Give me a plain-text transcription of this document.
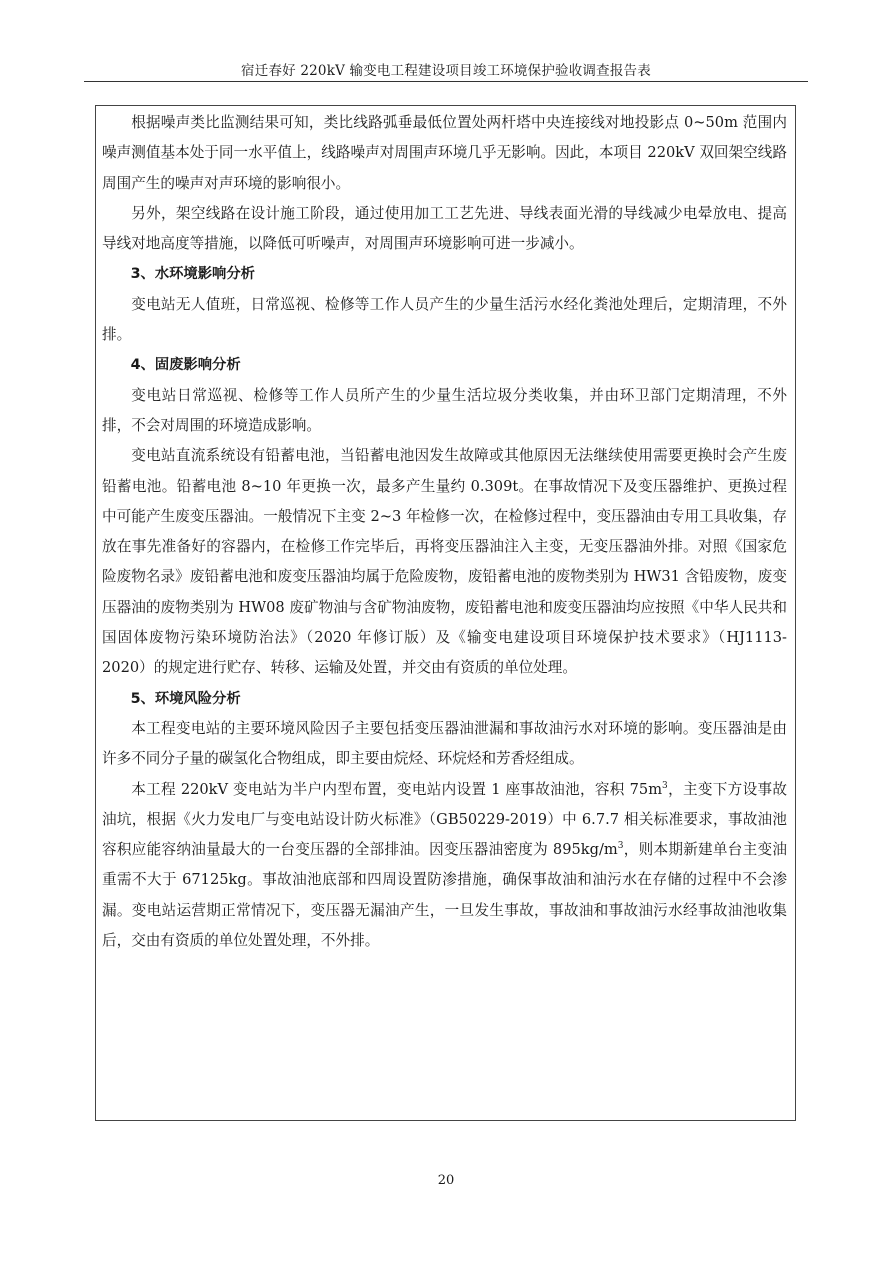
宿迁春好 220kV 输变电工程建设项目竣工环境保护验收调查报告表

根据噪声类比监测结果可知，类比线路弧垂最低位置处两杆塔中央连接线对地投影点 0~50m 范围内噪声测值基本处于同一水平值上，线路噪声对周围声环境几乎无影响。因此，本项目 220kV 双回架空线路周围产生的噪声对声环境的影响很小。

另外，架空线路在设计施工阶段，通过使用加工工艺先进、导线表面光滑的导线减少电晕放电、提高导线对地高度等措施，以降低可听噪声，对周围声环境影响可进一步减小。

3、水环境影响分析

变电站无人值班，日常巡视、检修等工作人员产生的少量生活污水经化粪池处理后，定期清理，不外排。

4、固废影响分析

变电站日常巡视、检修等工作人员所产生的少量生活垃圾分类收集，并由环卫部门定期清理，不外排，不会对周围的环境造成影响。

变电站直流系统设有铅蓄电池，当铅蓄电池因发生故障或其他原因无法继续使用需要更换时会产生废铅蓄电池。铅蓄电池 8~10 年更换一次，最多产生量约 0.309t。在事故情况下及变压器维护、更换过程中可能产生废变压器油。一般情况下主变 2~3 年检修一次，在检修过程中，变压器油由专用工具收集，存放在事先准备好的容器内，在检修工作完毕后，再将变压器油注入主变，无变压器油外排。对照《国家危险废物名录》废铅蓄电池和废变压器油均属于危险废物，废铅蓄电池的废物类别为 HW31 含铅废物，废变压器油的废物类别为 HW08 废矿物油与含矿物油废物，废铅蓄电池和废变压器油均应按照《中华人民共和国固体废物污染环境防治法》（2020 年修订版）及《输变电建设项目环境保护技术要求》（HJ1113-2020）的规定进行贮存、转移、运输及处置，并交由有资质的单位处理。

5、环境风险分析

本工程变电站的主要环境风险因子主要包括变压器油泄漏和事故油污水对环境的影响。变压器油是由许多不同分子量的碳氢化合物组成，即主要由烷烃、环烷烃和芳香烃组成。

本工程 220kV 变电站为半户内型布置，变电站内设置 1 座事故油池，容积 $75m^3$，主变下方设事故油坑，根据《火力发电厂与变电站设计防火标准》（GB50229-2019）中 6.7.7 相关标准要求，事故油池容积应能容纳油量最大的一台变压器的全部排油。因变压器油密度为 $895kg/m^3$，则本期新建单台主变油重需不大于 67125kg。事故油池底部和四周设置防渗措施，确保事故油和油污水在存储的过程中不会渗漏。变电站运营期正常情况下，变压器无漏油产生，一旦发生事故，事故油和事故油污水经事故油池收集后，交由有资质的单位处置处理，不外排。

20
